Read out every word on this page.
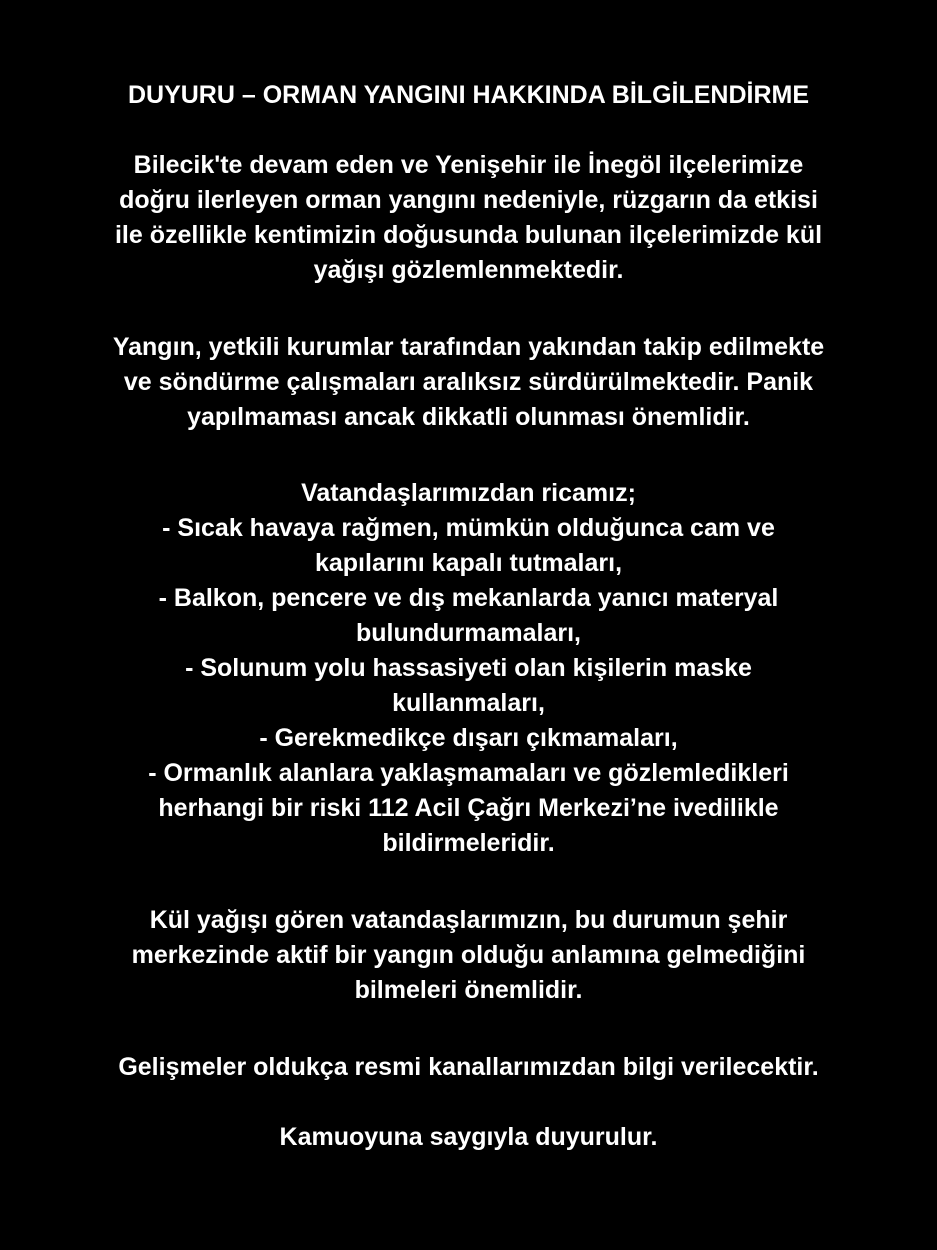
DUYURU – ORMAN YANGINI HAKKINDA BİLGİLENDİRME
Bilecik'te devam eden ve Yenişehir ile İnegöl ilçelerimize
doğru ilerleyen orman yangını nedeniyle, rüzgarın da etkisi
ile özellikle kentimizin doğusunda bulunan ilçelerimizde kül
yağışı gözlemlenmektedir.
Yangın, yetkili kurumlar tarafından yakından takip edilmekte
ve söndürme çalışmaları aralıksız sürdürülmektedir. Panik
yapılmaması ancak dikkatli olunması önemlidir.
Vatandaşlarımızdan ricamız;
- Sıcak havaya rağmen, mümkün olduğunca cam ve
kapılarını kapalı tutmaları,
- Balkon, pencere ve dış mekanlarda yanıcı materyal
bulundurmamaları,
- Solunum yolu hassasiyeti olan kişilerin maske
kullanmaları,
- Gerekmedikçe dışarı çıkmamaları,
- Ormanlık alanlara yaklaşmamaları ve gözlemledikleri
herhangi bir riski 112 Acil Çağrı Merkezi’ne ivedilikle
bildirmeleridir.
Kül yağışı gören vatandaşlarımızın, bu durumun şehir
merkezinde aktif bir yangın olduğu anlamına gelmediğini
bilmeleri önemlidir.
Gelişmeler oldukça resmi kanallarımızdan bilgi verilecektir.
Kamuoyuna saygıyla duyurulur.
